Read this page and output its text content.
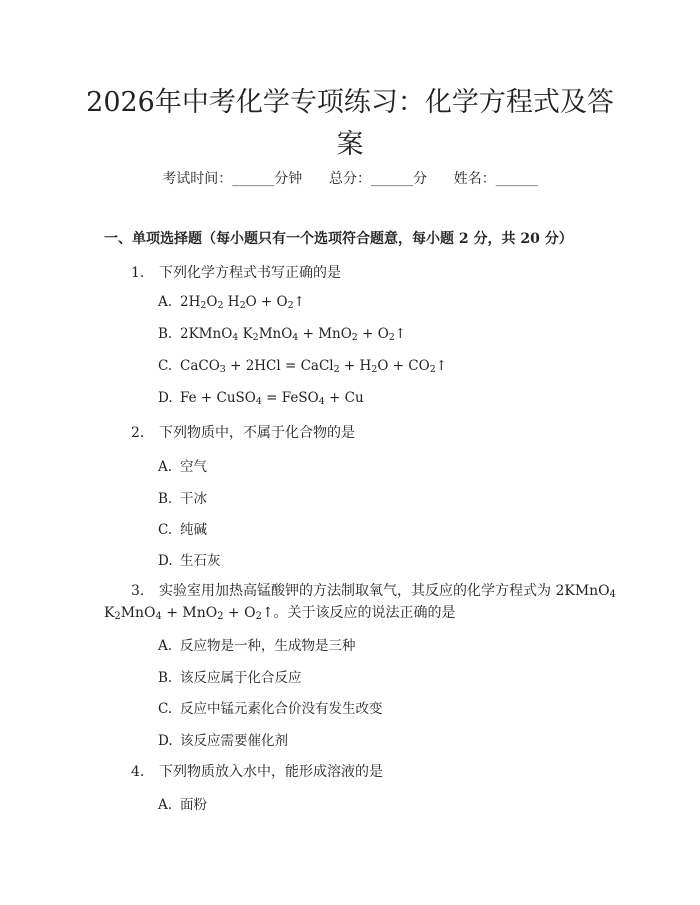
2026年中考化学专项练习：化学方程式及答案
考试时间：______分钟      总分：______分      姓名：______
一、单项选择题（每小题只有一个选项符合题意，每小题 2 分，共 20 分）
1. 下列化学方程式书写正确的是
A. $2H_2O_2$ $H_2O$ + $O_2↑$
B. 2KMnO$_4$ $K_2MnO_4 + MnO_2$ + $O_2↑$
C. CaCO$_3$ + 2HCl = CaCl$_2$ + $H_2O$ + $CO_2↑$
D. Fe + CuSO$_4$ = FeSO$_4$ + Cu
2. 下列物质中，不属于化合物的是
A. 空气
B. 干冰
C. 纯碱
D. 生石灰
3. 实验室用加热高锰酸钾的方法制取氧气，其反应的化学方程式为 2KMnO$_4$
$K_2MnO_4 + MnO_2$ + $O_2↑$。关于该反应的说法正确的是
A. 反应物是一种，生成物是三种
B. 该反应属于化合反应
C. 反应中锰元素化合价没有发生改变
D. 该反应需要催化剂
4. 下列物质放入水中，能形成溶液的是
A. 面粉
